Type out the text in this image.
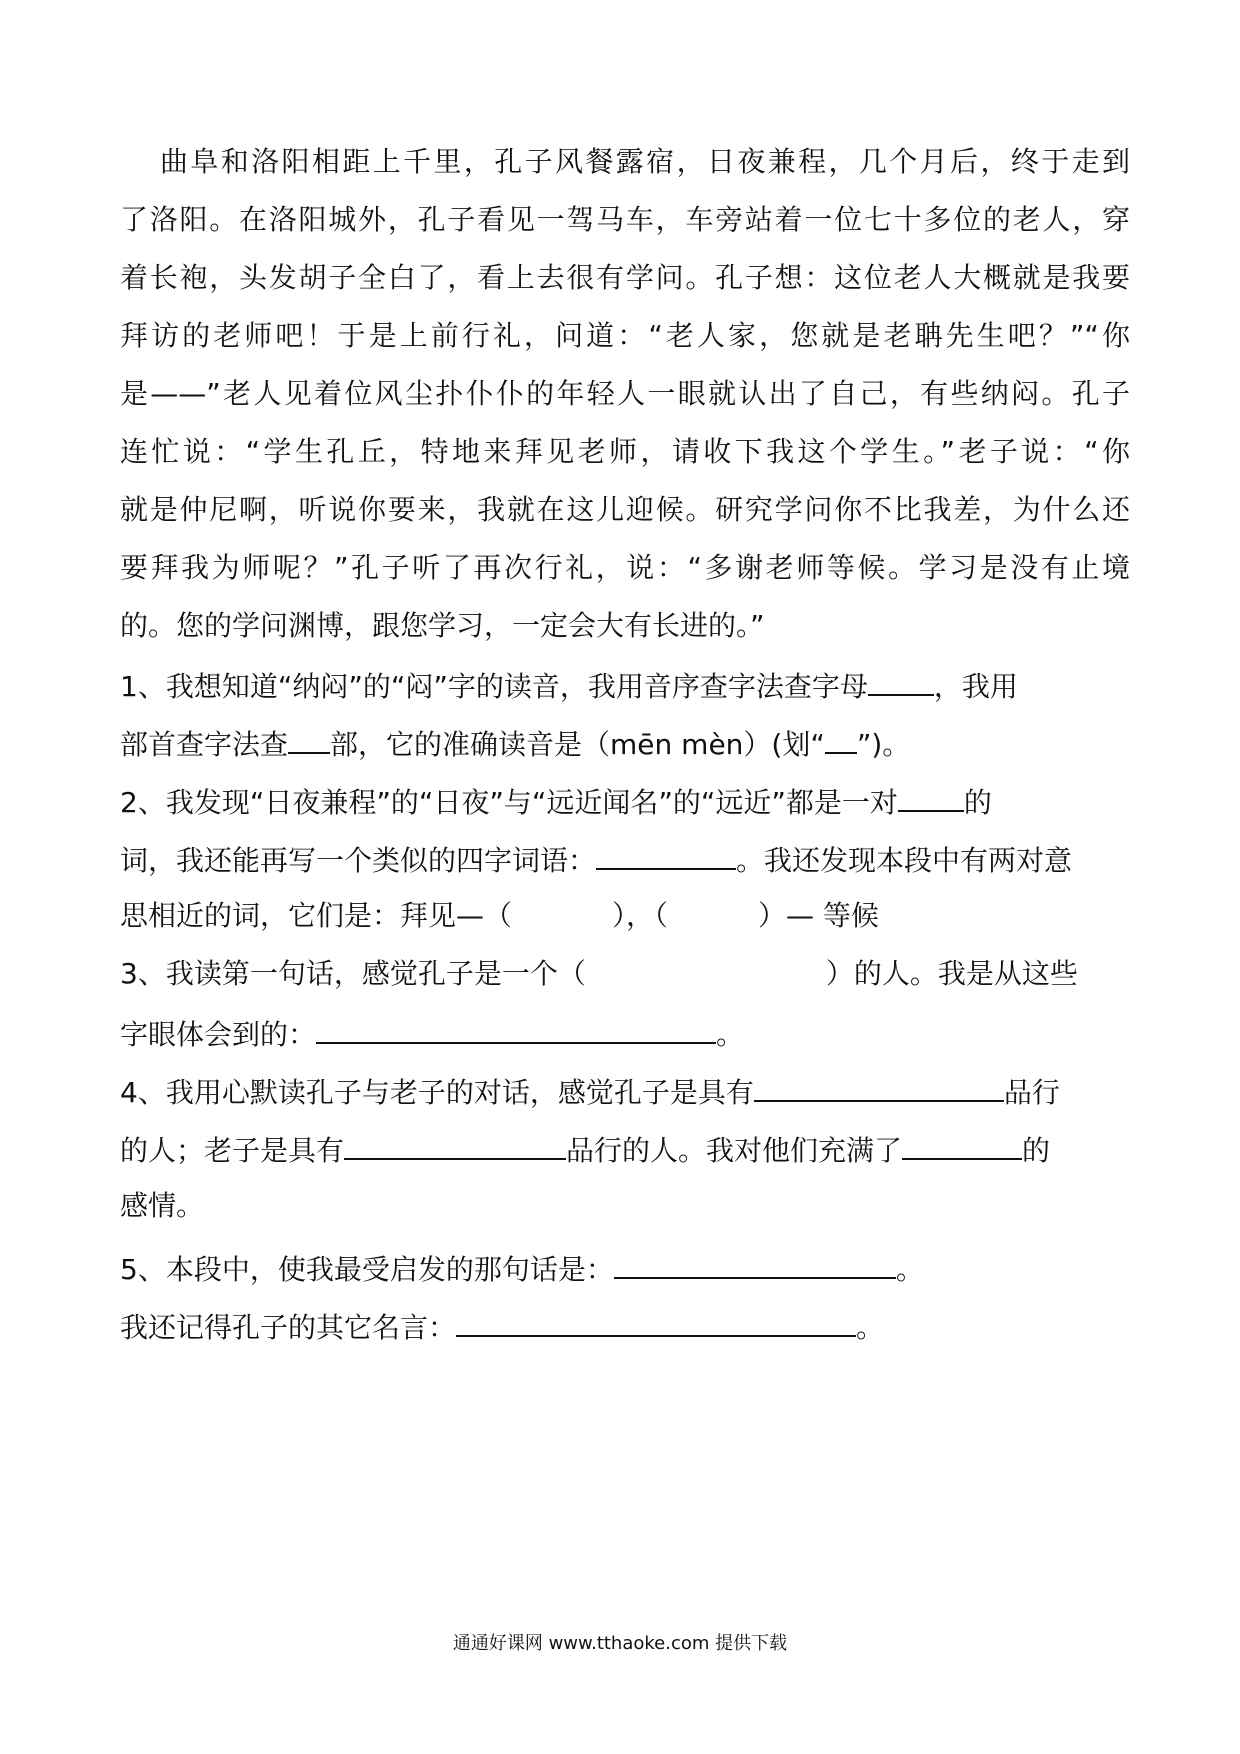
曲阜和洛阳相距上千里，孔子风餐露宿，日夜兼程，几个月后，终于走到
了洛阳。在洛阳城外，孔子看见一驾马车，车旁站着一位七十多位的老人，穿
着长袍，头发胡子全白了，看上去很有学问。孔子想：这位老人大概就是我要
拜访的老师吧！于是上前行礼，问道：“老人家，您就是老聃先生吧？”“你
是——”老人见着位风尘扑仆仆的年轻人一眼就认出了自己，有些纳闷。孔子
连忙说：“学生孔丘，特地来拜见老师，请收下我这个学生。”老子说：“你
就是仲尼啊，听说你要来，我就在这儿迎候。研究学问你不比我差，为什么还
要拜我为师呢？”孔子听了再次行礼，说：“多谢老师等候。学习是没有止境
的。您的学问渊博，跟您学习，一定会大有长进的。”
1、我想知道“纳闷”的“闷”字的读音，我用音序查字法查字母 ，我用
部首查字法查 部，它的准确读音是（mēn mèn）(划“ ”)。
2、我发现“日夜兼程”的“日夜”与“远近闻名”的“远近”都是一对 的
词，我还能再写一个类似的四字词语：	。我还发现本段中有两对意
思相近的词，它们是：拜见—（	），（	）— 等候
3、我读第一句话，感觉孔子是一个（	）的人。我是从这些
字眼体会到的：	。
4、我用心默读孔子与老子的对话，感觉孔子是具有	品行
的人；老子是具有	品行的人。我对他们充满了	的
感情。
5、本段中，使我最受启发的那句话是：	。
我还记得孔子的其它名言：	。
通通好课网 www.tthaoke.com 提供下载
